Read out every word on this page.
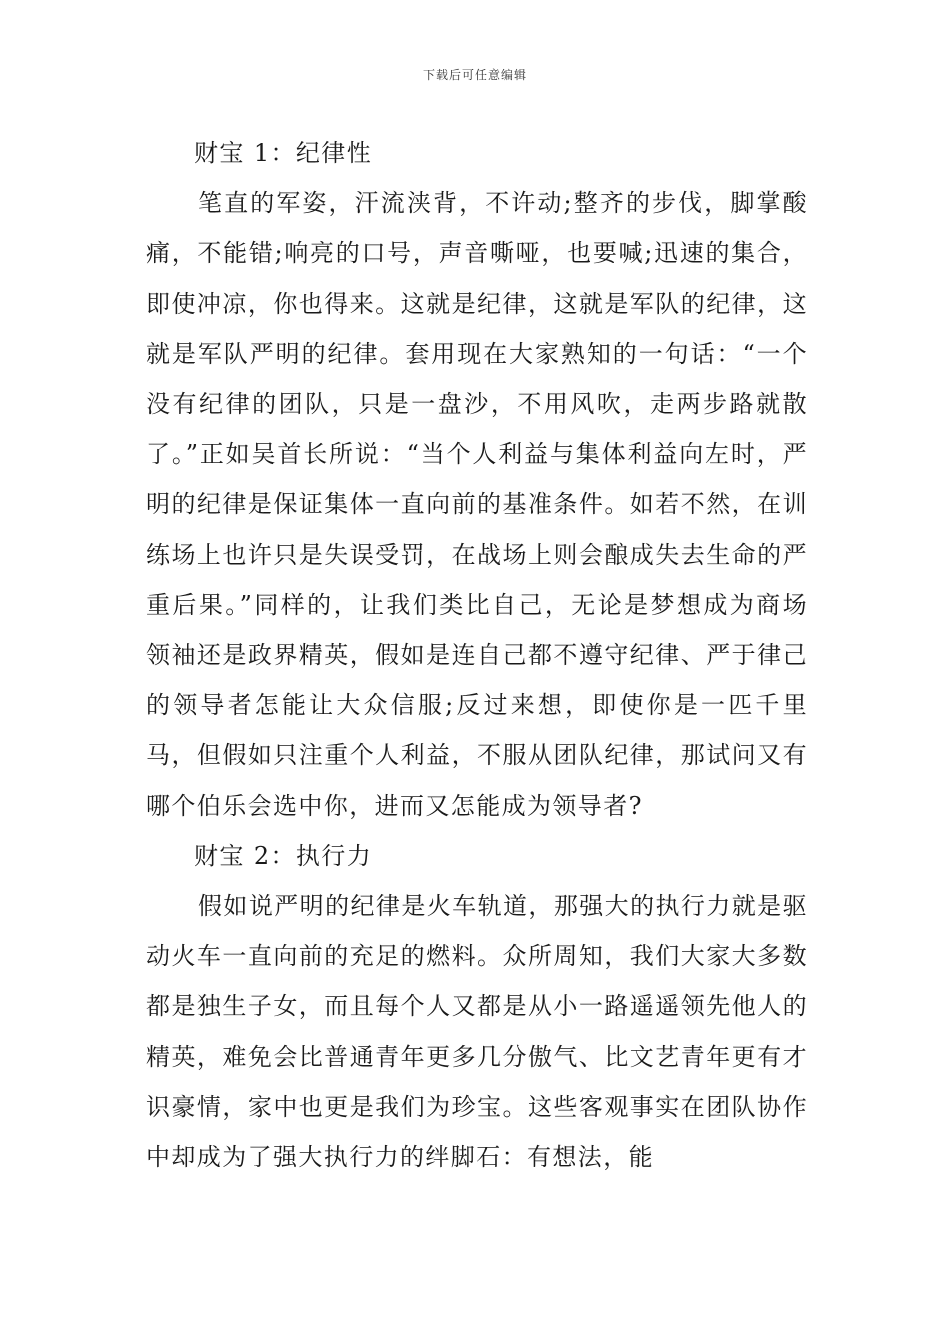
下载后可任意编辑
财宝 1：纪律性

笔直的军姿，汗流浃背，不许动;整齐的步伐，脚掌酸痛，不能错;响亮的口号，声音嘶哑，也要喊;迅速的集合，即使冲凉，你也得来。这就是纪律，这就是军队的纪律，这就是军队严明的纪律。套用现在大家熟知的一句话：“一个没有纪律的团队，只是一盘沙，不用风吹，走两步路就散了。”正如吴首长所说：“当个人利益与集体利益向左时，严明的纪律是保证集体一直向前的基准条件。如若不然，在训练场上也许只是失误受罚，在战场上则会酿成失去生命的严重后果。”同样的，让我们类比自己，无论是梦想成为商场领袖还是政界精英，假如是连自己都不遵守纪律、严于律己的领导者怎能让大众信服;反过来想，即使你是一匹千里马，但假如只注重个人利益，不服从团队纪律，那试问又有哪个伯乐会选中你，进而又怎能成为领导者?

财宝 2：执行力

假如说严明的纪律是火车轨道，那强大的执行力就是驱动火车一直向前的充足的燃料。众所周知，我们大家大多数都是独生子女，而且每个人又都是从小一路遥遥领先他人的精英，难免会比普通青年更多几分傲气、比文艺青年更有才识豪情，家中也更是我们为珍宝。这些客观事实在团队协作中却成为了强大执行力的绊脚石：有想法，能
